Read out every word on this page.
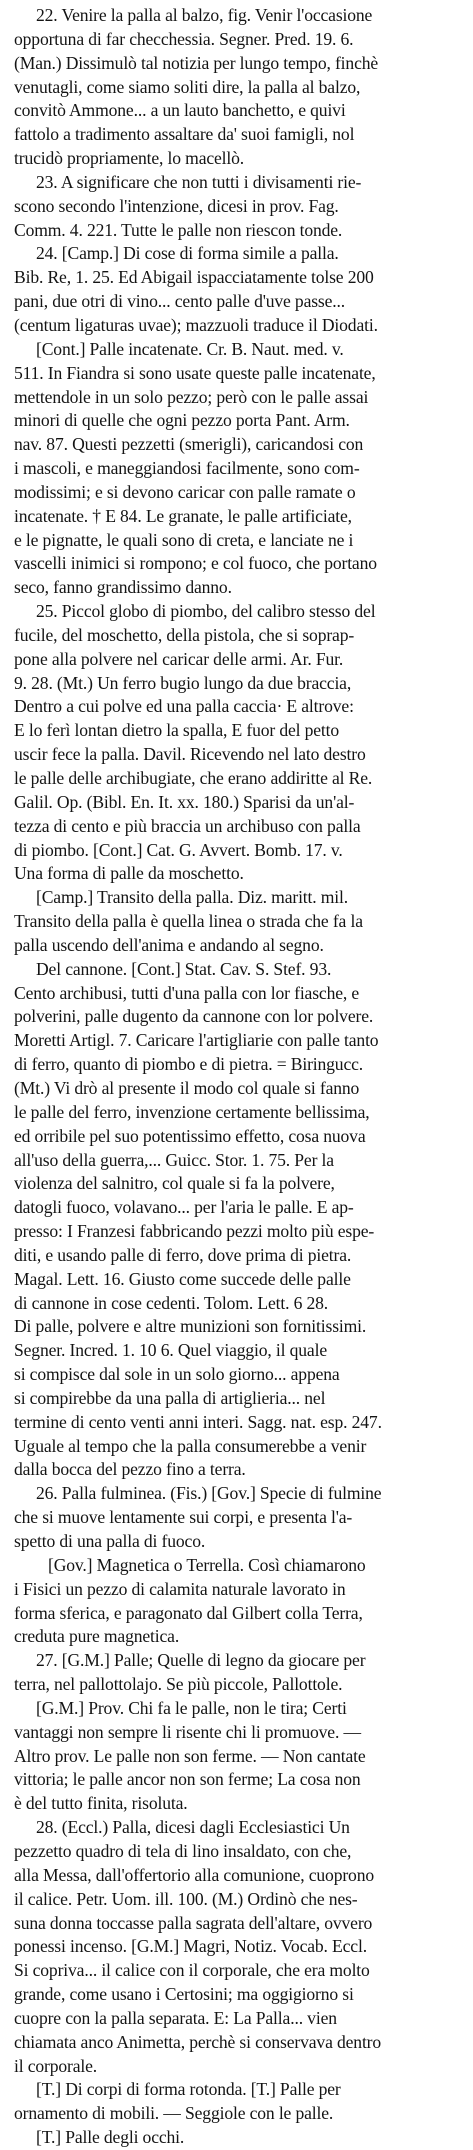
22. Venire la palla al balzo, fig. Venir l'occasione
opportuna di far checchessia. Segner. Pred. 19. 6.
(Man.) Dissimulò tal notizia per lungo tempo, finchè
venutagli, come siamo soliti dire, la palla al balzo,
convitò Ammone... a un lauto banchetto, e quivi
fattolo a tradimento assaltare da' suoi famigli, nol
trucidò propriamente, lo macellò.
23. A significare che non tutti i divisamenti rie-
scono secondo l'intenzione, dicesi in prov. Fag.
Comm. 4. 221. Tutte le palle non riescon tonde.
24. [Camp.] Di cose di forma simile a palla.
Bib. Re, 1. 25. Ed Abigail ispacciatamente tolse 200
pani, due otri di vino... cento palle d'uve passe...
(centum ligaturas uvae); mazzuoli traduce il Diodati.
[Cont.] Palle incatenate. Cr. B. Naut. med. v.
511. In Fiandra si sono usate queste palle incatenate,
mettendole in un solo pezzo; però con le palle assai
minori di quelle che ogni pezzo porta Pant. Arm.
nav. 87. Questi pezzetti (smerigli), caricandosi con
i mascoli, e maneggiandosi facilmente, sono com-
modissimi; e si devono caricar con palle ramate o
incatenate. † E 84. Le granate, le palle artificiate,
e le pignatte, le quali sono di creta, e lanciate ne i
vascelli inimici si rompono; e col fuoco, che portano
seco, fanno grandissimo danno.
25. Piccol globo di piombo, del calibro stesso del
fucile, del moschetto, della pistola, che si soprap-
pone alla polvere nel caricar delle armi. Ar. Fur.
9. 28. (Mt.) Un ferro bugio lungo da due braccia,
Dentro a cui polve ed una palla caccia· E altrove:
E lo ferì lontan dietro la spalla, E fuor del petto
uscir fece la palla. Davil. Ricevendo nel lato destro
le palle delle archibugiate, che erano addiritte al Re.
Galil. Op. (Bibl. En. It. xx. 180.) Sparisi da un'al-
tezza di cento e più braccia un archibuso con palla
di piombo. [Cont.] Cat. G. Avvert. Bomb. 17. v.
Una forma di palle da moschetto.
[Camp.] Transito della palla. Diz. maritt. mil.
Transito della palla è quella linea o strada che fa la
palla uscendo dell'anima e andando al segno.
Del cannone. [Cont.] Stat. Cav. S. Stef. 93.
Cento archibusi, tutti d'una palla con lor fiasche, e
polverini, palle dugento da cannone con lor polvere.
Moretti Artigl. 7. Caricare l'artigliarie con palle tanto
di ferro, quanto di piombo e di pietra. = Biringucc.
(Mt.) Vi drò al presente il modo col quale si fanno
le palle del ferro, invenzione certamente bellissima,
ed orribile pel suo potentissimo effetto, cosa nuova
all'uso della guerra,... Guicc. Stor. 1. 75. Per la
violenza del salnitro, col quale si fa la polvere,
datogli fuoco, volavano... per l'aria le palle. E ap-
presso: I Franzesi fabbricando pezzi molto più espe-
diti, e usando palle di ferro, dove prima di pietra.
Magal. Lett. 16. Giusto come succede delle palle
di cannone in cose cedenti. Tolom. Lett. 6 28.
Di palle, polvere e altre munizioni son fornitissimi.
Segner. Incred. 1. 10 6. Quel viaggio, il quale
si compisce dal sole in un solo giorno... appena
si compirebbe da una palla di artiglieria... nel
termine di cento venti anni interi. Sagg. nat. esp. 247.
Uguale al tempo che la palla consumerebbe a venir
dalla bocca del pezzo fino a terra.
26. Palla fulminea. (Fis.) [Gov.] Specie di fulmine
che si muove lentamente sui corpi, e presenta l'a-
spetto di una palla di fuoco.
[Gov.] Magnetica o Terrella. Così chiamarono
i Fisici un pezzo di calamita naturale lavorato in
forma sferica, e paragonato dal Gilbert colla Terra,
creduta pure magnetica.
27. [G.M.] Palle; Quelle di legno da giocare per
terra, nel pallottolajo. Se più piccole, Pallottole.
[G.M.] Prov. Chi fa le palle, non le tira; Certi
vantaggi non sempre li risente chi li promuove. —
Altro prov. Le palle non son ferme. — Non cantate
vittoria; le palle ancor non son ferme; La cosa non
è del tutto finita, risoluta.
28. (Eccl.) Palla, dicesi dagli Ecclesiastici Un
pezzetto quadro di tela di lino insaldato, con che,
alla Messa, dall'offertorio alla comunione, cuoprono
il calice. Petr. Uom. ill. 100. (M.) Ordinò che nes-
suna donna toccasse palla sagrata dell'altare, ovvero
ponessi incenso. [G.M.] Magri, Notiz. Vocab. Eccl.
Si copriva... il calice con il corporale, che era molto
grande, come usano i Certosini; ma oggigiorno si
cuopre con la palla separata. E: La Palla... vien
chiamata anco Animetta, perchè si conservava dentro
il corporale.
[T.] Di corpi di forma rotonda. [T.] Palle per
ornamento di mobili. — Seggiole con le palle.
[T.] Palle degli occhi.
